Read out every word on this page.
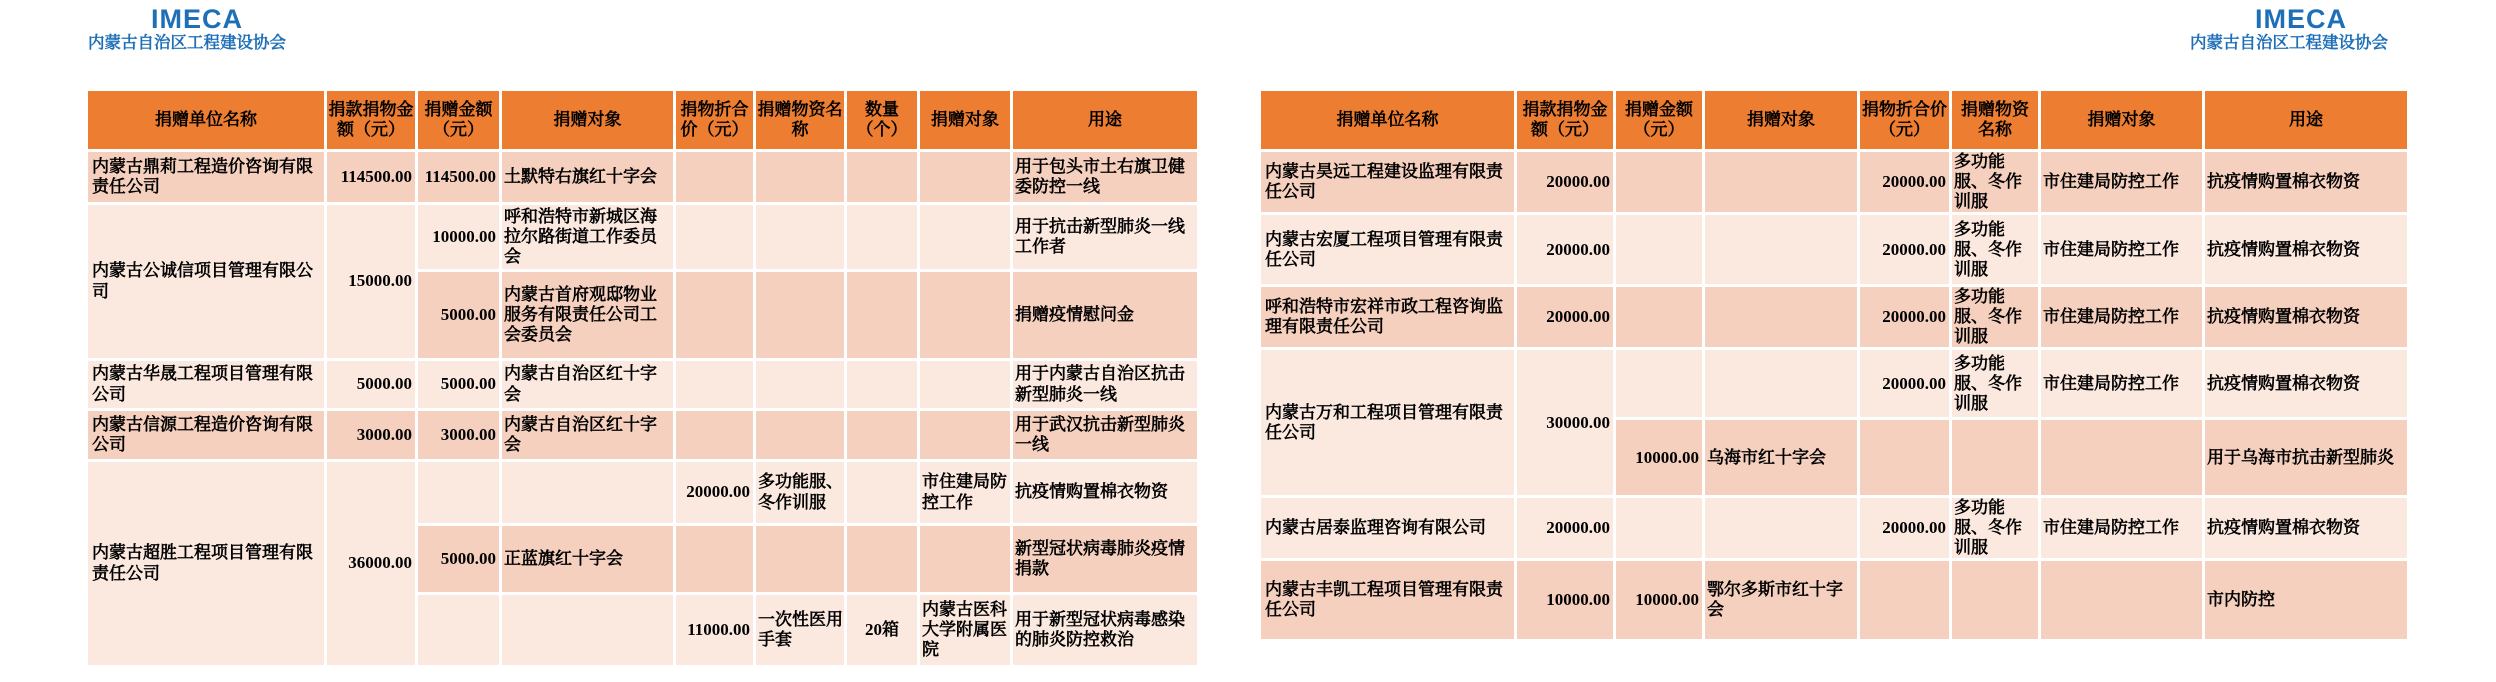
IMECA
内蒙古自治区工程建设协会
IMECA
内蒙古自治区工程建设协会
捐赠单位名称	捐款捐物金额（元）	捐赠金额（元）	捐赠对象	捐物折合价（元）	捐赠物资名称	数量（个）	捐赠对象	用途
内蒙古鼎莉工程造价咨询有限责任公司	114500.00	114500.00	土默特右旗红十字会					用于包头市土右旗卫健委防控一线
内蒙古公诚信项目管理有限公司	15000.00	10000.00	呼和浩特市新城区海拉尔路街道工作委员会					用于抗击新型肺炎一线工作者
		5000.00	内蒙古首府观邸物业服务有限责任公司工会委员会					捐赠疫情慰问金
内蒙古华晟工程项目管理有限公司	5000.00	5000.00	内蒙古自治区红十字会					用于内蒙古自治区抗击新型肺炎一线
内蒙古信源工程造价咨询有限公司	3000.00	3000.00	内蒙古自治区红十字会					用于武汉抗击新型肺炎一线
内蒙古超胜工程项目管理有限责任公司	36000.00			20000.00	多功能服、冬作训服		市住建局防控工作	抗疫情购置棉衣物资
		5000.00	正蓝旗红十字会					新型冠状病毒肺炎疫情捐款
				11000.00	一次性医用手套	20箱	内蒙古医科大学附属医院	用于新型冠状病毒感染的肺炎防控救治
捐赠单位名称	捐款捐物金额（元）	捐赠金额（元）	捐赠对象	捐物折合价（元）	捐赠物资名称	捐赠对象	用途
内蒙古昊远工程建设监理有限责任公司	20000.00			20000.00	多功能服、冬作训服	市住建局防控工作	抗疫情购置棉衣物资
内蒙古宏厦工程项目管理有限责任公司	20000.00			20000.00	多功能服、冬作训服	市住建局防控工作	抗疫情购置棉衣物资
呼和浩特市宏祥市政工程咨询监理有限责任公司	20000.00			20000.00	多功能服、冬作训服	市住建局防控工作	抗疫情购置棉衣物资
内蒙古万和工程项目管理有限责任公司	30000.00			20000.00	多功能服、冬作训服	市住建局防控工作	抗疫情购置棉衣物资
		10000.00	乌海市红十字会				用于乌海市抗击新型肺炎
内蒙古居泰监理咨询有限公司	20000.00			20000.00	多功能服、冬作训服	市住建局防控工作	抗疫情购置棉衣物资
内蒙古丰凯工程项目管理有限责任公司	10000.00	10000.00	鄂尔多斯市红十字会				市内防控
